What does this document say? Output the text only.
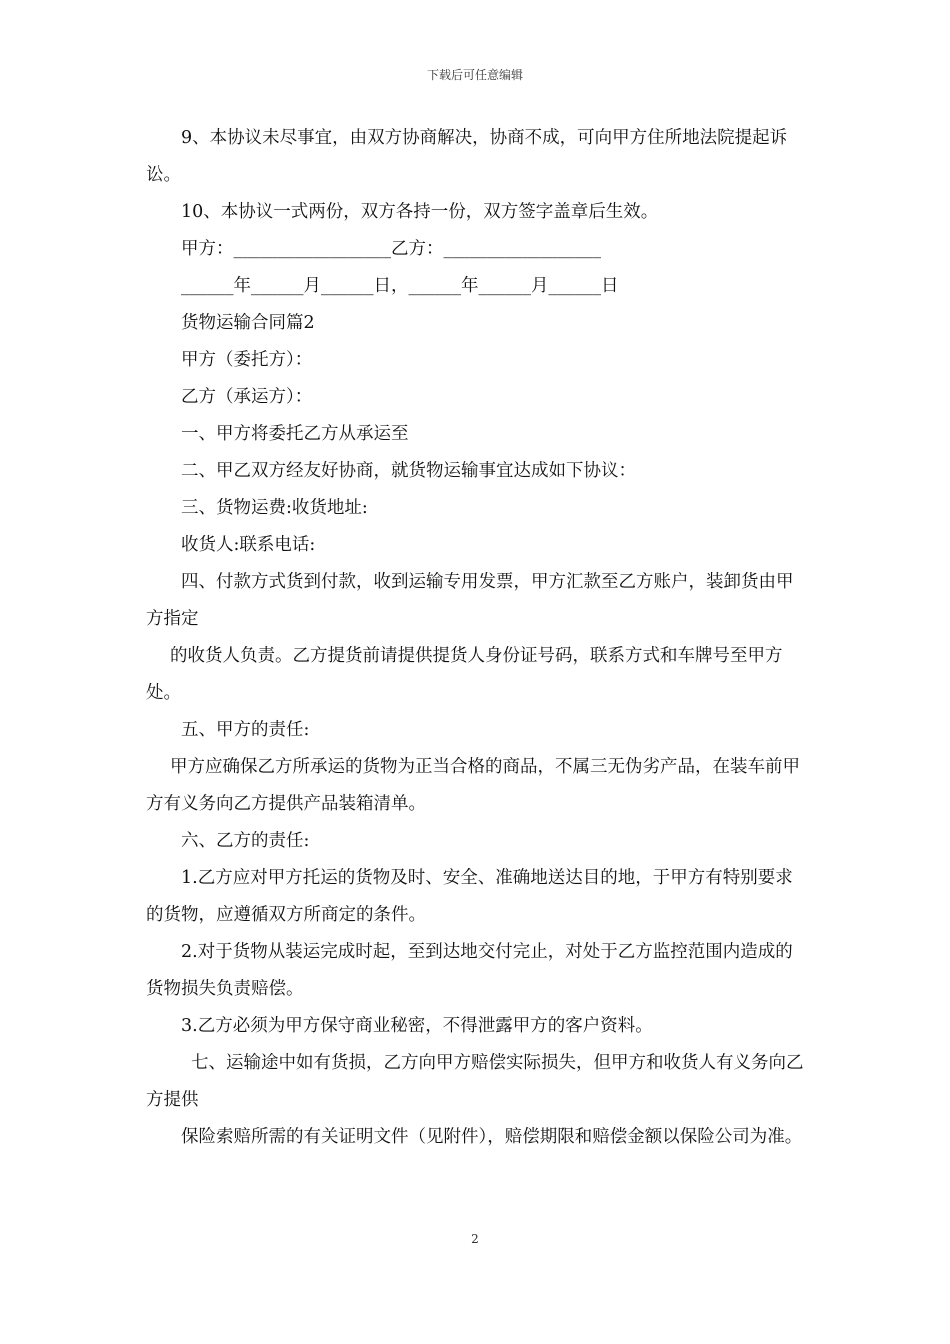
下载后可任意编辑

9、本协议未尽事宜，由双方协商解决，协商不成，可向甲方住所地法院提起诉讼。

10、本协议一式两份，双方各持一份，双方签字盖章后生效。

甲方：__________________乙方：__________________

______年______月______日，______年______月______日

货物运输合同篇2

甲方（委托方）：

乙方（承运方）：

一、甲方将委托乙方从承运至

二、甲乙双方经友好协商，就货物运输事宜达成如下协议：

三、货物运费:收货地址:

收货人:联系电话:

四、付款方式货到付款，收到运输专用发票，甲方汇款至乙方账户，装卸货由甲方指定

的收货人负责。乙方提货前请提供提货人身份证号码，联系方式和车牌号至甲方处。

五、甲方的责任:

甲方应确保乙方所承运的货物为正当合格的商品，不属三无伪劣产品，在装车前甲方有义务向乙方提供产品装箱清单。

六、乙方的责任:

1.乙方应对甲方托运的货物及时、安全、准确地送达目的地，于甲方有特别要求的货物，应遵循双方所商定的条件。

2.对于货物从装运完成时起，至到达地交付完止，对处于乙方监控范围内造成的货物损失负责赔偿。

3.乙方必须为甲方保守商业秘密，不得泄露甲方的客户资料。

七、运输途中如有货损，乙方向甲方赔偿实际损失，但甲方和收货人有义务向乙方提供

保险索赔所需的有关证明文件（见附件），赔偿期限和赔偿金额以保险公司为准。

2
